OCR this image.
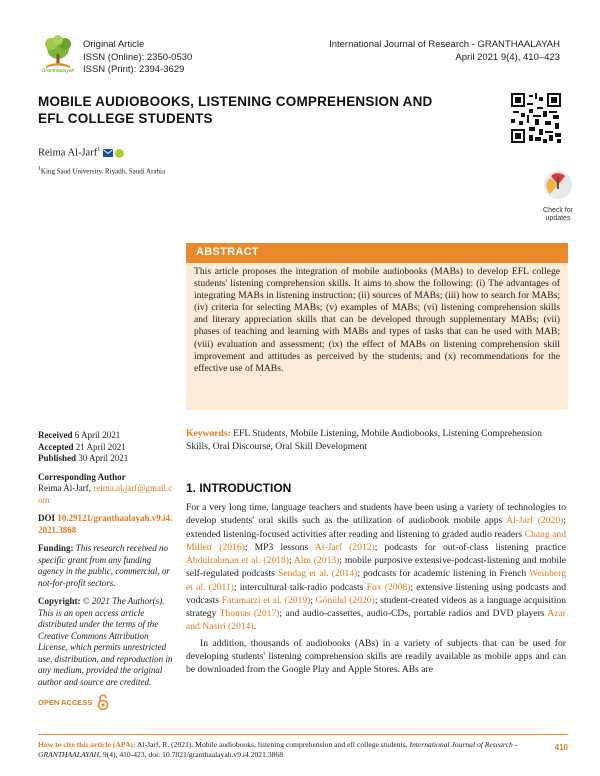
Granthaalayah
Original Article
ISSN (Online): 2350-0530
ISSN (Print): 2394-3629
International Journal of Research - GRANTHAALAYAH
April 2021 9(4), 410–423
MOBILE AUDIOBOOKS, LISTENING COMPREHENSION AND EFL COLLEGE STUDENTS
Reima Al-Jarf$^1$

$^1$King Saud University, Riyadh, Saudi Arabia
Check for updates
ABSTRACT
This article proposes the integration of mobile audiobooks (MABs) to develop EFL college students' listening comprehension skills. It aims to show the following: (i) The advantages of integrating MABs in listening instruction; (ii) sources of MABs; (iii) how to search for MABs; (iv) criteria for selecting MABs; (v) examples of MABs; (vi) listening comprehension skills and literary appreciation skills that can be developed through supplementary MABs; (vii) phases of teaching and learning with MABs and types of tasks that can be used with MAB; (viii) evaluation and assessment; (ix) the effect of MABs on listening comprehension skill improvement and attitudes as perceived by the students; and (x) recommendations for the effective use of MABs.
Received 6 April 2021
Accepted 21 April 2021
Published 30 April 2021
Corresponding Author
Reima Al-Jarf, reima.al.jarf@gmail.com
DOI 10.29121/granthaalayah.v9.i4.2021.3868
Funding: This research received no specific grant from any funding agency in the public, commercial, or not-for-profit sectors.
Copyright: © 2021 The Author(s). This is an open access article distributed under the terms of the Creative Commons Attribution License, which permits unrestricted use, distribution, and reproduction in any medium, provided the original author and source are credited.
Keywords: EFL Students, Mobile Listening, Mobile Audiobooks, Listening Comprehension Skills, Oral Discourse, Oral Skill Development
1. INTRODUCTION

For a very long time, language teachers and students have been using a variety of technologies to develop students' oral skills such as the utilization of audiobook mobile apps Al-Jarf (2020); extended listening-focused activities after reading and listening to graded audio readers Chang and Millett (2016); MP3 lessons Al-Jarf (2012); podcasts for out-of-class listening practice Abdulrahman et al. (2018); Alm (2013); mobile purposive extensive-podcast-listening and mobile self-regulated podcasts Sendag et al. (2014); podcasts for academic listening in French Weinberg et al. (2011); intercultural talk-radio podcasts Fox (2008); extensive listening using podcasts and vodcasts Faramarzi et al. (2019); Gönülal (2020); student-created videos as a language acquisition strategy Thomas (2017); and audio-cassettes, audio-CDs, portable radios and DVD players Azar and Nasiri (2014).

In addition, thousands of audiobooks (ABs) in a variety of subjects that can be used for developing students' listening comprehension skills are readily available as mobile apps and can be downloaded from the Google Play and Apple Stores. ABs are

OPEN ACCESS
How to cite this article (APA): Al-Jarf, R. (2021). Mobile audiobooks, listening comprehension and efl college students. International Journal of Research - GRANTHAALAYAH, 9(4), 410-423. doi: 10.7821/granthaalayah.v9.i4.2021.3868
410
